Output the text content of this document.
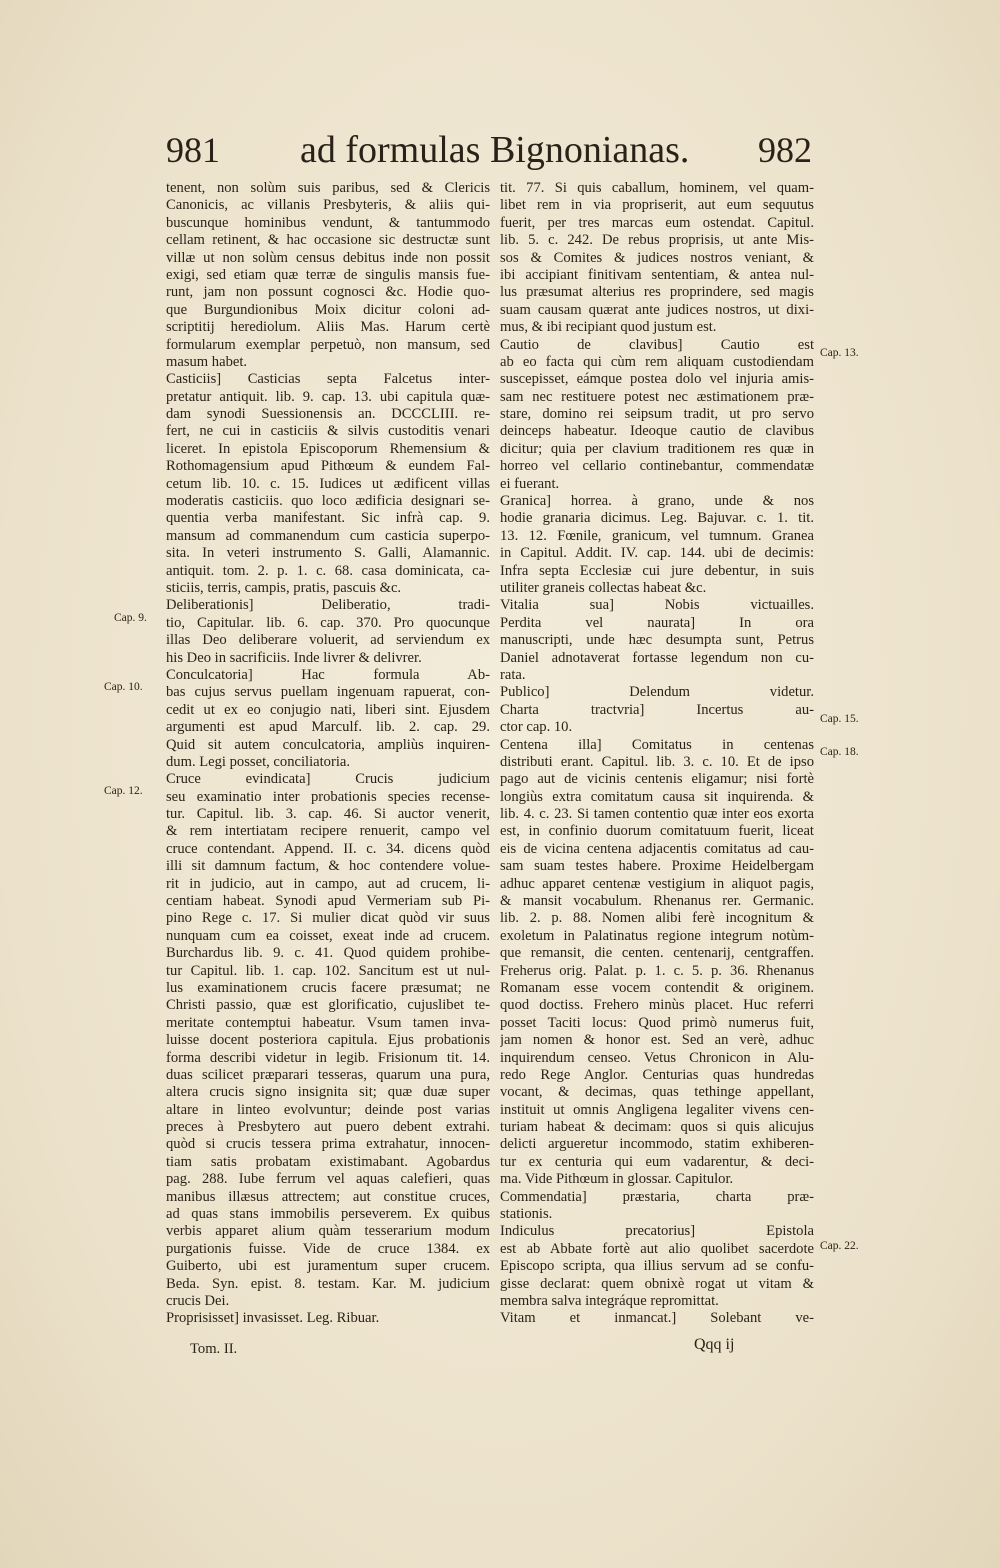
981 ad formulas Bignonianas. 982
tenent, non solùm suis paribus, sed & Clericis
Canonicis, ac villanis Presbyteris, & aliis qui-
buscunque hominibus vendunt, & tantummodo
cellam retinent, & hac occasione sic destructæ sunt
villæ ut non solùm census debitus inde non possit
exigi, sed etiam quæ terræ de singulis mansis fue-
runt, jam non possunt cognosci &c. Hodie quo-
que Burgundionibus Moix dicitur coloni ad-
scriptitij herediolum. Aliis Mas. Harum certè
formularum exemplar perpetuò, non mansum, sed
masum habet.
Casticiis] Casticias septa Falcetus inter-
pretatur antiquit. lib. 9. cap. 13. ubi capitula quæ-
dam synodi Suessionensis an. DCCCLIII. re-
fert, ne cui in casticiis & silvis custoditis venari
liceret. In epistola Episcoporum Rhemensium &
Rothomagensium apud Pithœum & eundem Fal-
cetum lib. 10. c. 15. Iudices ut ædificent villas
moderatis casticiis. quo loco ædificia designari se-
quentia verba manifestant. Sic infrà cap. 9.
mansum ad commanendum cum casticia superpo-
sita. In veteri instrumento S. Galli, Alamannic.
antiquit. tom. 2. p. 1. c. 68. casa dominicata, ca-
sticiis, terris, campis, pratis, pascuis &c.
Deliberationis] Deliberatio, tradi-
tio, Capitular. lib. 6. cap. 370. Pro quocunque
illas Deo deliberare voluerit, ad serviendum ex
his Deo in sacrificiis. Inde livrer & delivrer.
Conculcatoria] Hac formula Ab-
bas cujus servus puellam ingenuam rapuerat, con-
cedit ut ex eo conjugio nati, liberi sint. Ejusdem
argumenti est apud Marculf. lib. 2. cap. 29.
Quid sit autem conculcatoria, ampliùs inquiren-
dum. Legi posset, conciliatoria.
Cruce evindicata] Crucis judicium
seu examinatio inter probationis species recense-
tur. Capitul. lib. 3. cap. 46. Si auctor venerit,
& rem intertiatam recipere renuerit, campo vel
cruce contendant. Append. II. c. 34. dicens quòd
illi sit damnum factum, & hoc contendere volue-
rit in judicio, aut in campo, aut ad crucem, li-
centiam habeat. Synodi apud Vermeriam sub Pi-
pino Rege c. 17. Si mulier dicat quòd vir suus
nunquam cum ea coisset, exeat inde ad crucem.
Burchardus lib. 9. c. 41. Quod quidem prohibe-
tur Capitul. lib. 1. cap. 102. Sancitum est ut nul-
lus examinationem crucis facere præsumat; ne
Christi passio, quæ est glorificatio, cujuslibet te-
meritate contemptui habeatur. Vsum tamen inva-
luisse docent posteriora capitula. Ejus probationis
forma describi videtur in legib. Frisionum tit. 14.
duas scilicet præparari tesseras, quarum una pura,
altera crucis signo insignita sit; quæ duæ super
altare in linteo evolvuntur; deinde post varias
preces à Presbytero aut puero debent extrahi.
quòd si crucis tessera prima extrahatur, innocen-
tiam satis probatam existimabant. Agobardus
pag. 288. Iube ferrum vel aquas calefieri, quas
manibus illæsus attrectem; aut constitue cruces,
ad quas stans immobilis perseverem. Ex quibus
verbis apparet alium quàm tesserarium modum
purgationis fuisse. Vide de cruce 1384. ex
Guiberto, ubi est juramentum super crucem.
Beda. Syn. epist. 8. testam. Kar. M. judicium
crucis Dei.
Proprisisset] invasisset. Leg. Ribuar.
tit. 77. Si quis caballum, hominem, vel quam-
libet rem in via propriserit, aut eum sequutus
fuerit, per tres marcas eum ostendat. Capitul.
lib. 5. c. 242. De rebus proprisis, ut ante Mis-
sos & Comites & judices nostros veniant, &
ibi accipiant finitivam sententiam, & antea nul-
lus præsumat alterius res proprindere, sed magis
suam causam quærat ante judices nostros, ut dixi-
mus, & ibi recipiant quod justum est.
Cautio de clavibus] Cautio est
ab eo facta qui cùm rem aliquam custodiendam
suscepisset, eámque postea dolo vel injuria amis-
sam nec restituere potest nec æstimationem præ-
stare, domino rei seipsum tradit, ut pro servo
deinceps habeatur. Ideoque cautio de clavibus
dicitur; quia per clavium traditionem res quæ in
horreo vel cellario continebantur, commendatæ
ei fuerant.
Granica] horrea. à grano, unde & nos
hodie granaria dicimus. Leg. Bajuvar. c. 1. tit.
13. 12. Fœnile, granicum, vel tumnum. Granea
in Capitul. Addit. IV. cap. 144. ubi de decimis:
Infra septa Ecclesiæ cui jure debentur, in suis
utiliter graneis collectas habeat &c.
Vitalia sua] Nobis victuailles.
Perdita vel naurata] In ora
manuscripti, unde hæc desumpta sunt, Petrus
Daniel adnotaverat fortasse legendum non cu-
rata.
Publico] Delendum videtur.
Charta tractvria] Incertus au-
ctor cap. 10.
Centena illa] Comitatus in centenas
distributi erant. Capitul. lib. 3. c. 10. Et de ipso
pago aut de vicinis centenis eligamur; nisi fortè
longiùs extra comitatum causa sit inquirenda. &
lib. 4. c. 23. Si tamen contentio quæ inter eos exorta
est, in confinio duorum comitatuum fuerit, liceat
eis de vicina centena adjacentis comitatus ad cau-
sam suam testes habere. Proxime Heidelbergam
adhuc apparet centenæ vestigium in aliquot pagis,
& mansit vocabulum. Rhenanus rer. Germanic.
lib. 2. p. 88. Nomen alibi ferè incognitum &
exoletum in Palatinatus regione integrum notùm-
que remansit, die centen. centenarij, centgraffen.
Freherus orig. Palat. p. 1. c. 5. p. 36. Rhenanus
Romanam esse vocem contendit & originem.
quod doctiss. Frehero minùs placet. Huc referri
posset Taciti locus: Quod primò numerus fuit,
jam nomen & honor est. Sed an verè, adhuc
inquirendum censeo. Vetus Chronicon in Alu-
redo Rege Anglor. Centurias quas hundredas
vocant, & decimas, quas tethinge appellant,
instituit ut omnis Angligena legaliter vivens cen-
turiam habeat & decimam: quos si quis alicujus
delicti argueretur incommodo, statim exhiberen-
tur ex centuria qui eum vadarentur, & deci-
ma. Vide Pithœum in glossar. Capitulor.
Commendatia] præstaria, charta præ-
stationis.
Indiculus precatorius] Epistola
est ab Abbate fortè aut alio quolibet sacerdote
Episcopo scripta, qua illius servum ad se confu-
gisse declarat: quem obnixè rogat ut vitam &
membra salva integráque repromittat.
Vitam et inmancat.] Solebant ve-
Cap. 9.
Cap. 10.
Cap. 12.
Cap. 13.
Cap. 15.
Cap. 18.
Cap. 22.
Tom. II.	Qqq ij
